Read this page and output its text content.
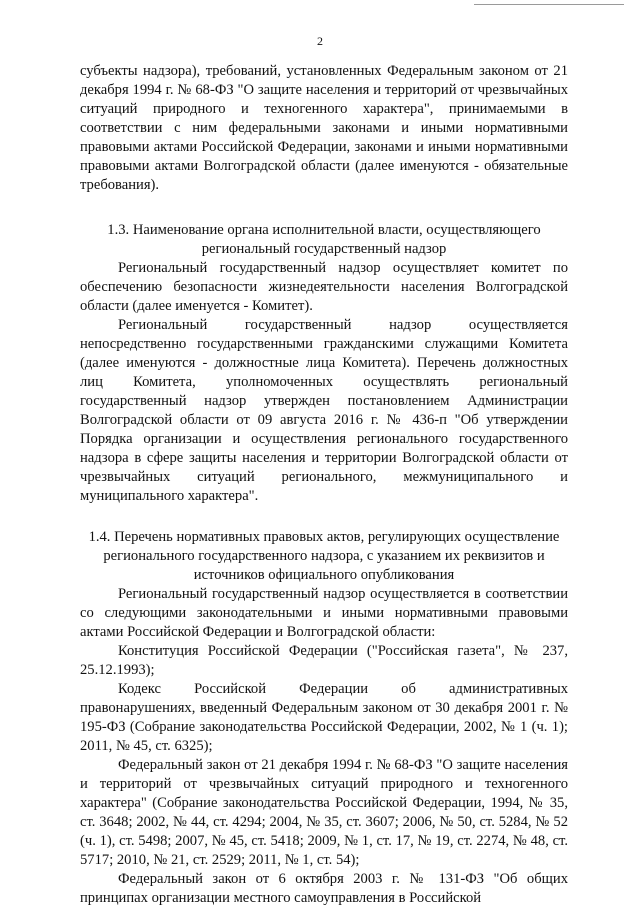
2

субъекты надзора), требований, установленных Федеральным законом от 21 декабря 1994 г. № 68-ФЗ "О защите населения и территорий от чрезвычайных ситуаций природного и техногенного характера", принимаемыми в соответствии с ним федеральными законами и иными нормативными правовыми актами Российской Федерации, законами и иными нормативными правовыми актами Волгоградской области (далее именуются - обязательные требования).

1.3. Наименование органа исполнительной власти, осуществляющего региональный государственный надзор

Региональный государственный надзор осуществляет комитет по обеспечению безопасности жизнедеятельности населения Волгоградской области (далее именуется - Комитет).

Региональный государственный надзор осуществляется непосредственно государственными гражданскими служащими Комитета (далее именуются - должностные лица Комитета). Перечень должностных лиц Комитета, уполномоченных осуществлять региональный государственный надзор утвержден постановлением Администрации Волгоградской области от 09 августа 2016 г. № 436-п "Об утверждении Порядка организации и осуществления регионального государственного надзора в сфере защиты населения и территории Волгоградской области от чрезвычайных ситуаций регионального, межмуниципального и муниципального характера".

1.4. Перечень нормативных правовых актов, регулирующих осуществление регионального государственного надзора, с указанием их реквизитов и источников официального опубликования

Региональный государственный надзор осуществляется в соответствии со следующими законодательными и иными нормативными правовыми актами Российской Федерации и Волгоградской области:

Конституция Российской Федерации ("Российская газета", № 237, 25.12.1993);

Кодекс Российской Федерации об административных правонарушениях, введенный Федеральным законом от 30 декабря 2001 г. № 195-ФЗ (Собрание законодательства Российской Федерации, 2002, № 1 (ч. 1); 2011, № 45, ст. 6325);

Федеральный закон от 21 декабря 1994 г. № 68-ФЗ "О защите населения и территорий от чрезвычайных ситуаций природного и техногенного характера" (Собрание законодательства Российской Федерации, 1994, № 35, ст. 3648; 2002, № 44, ст. 4294; 2004, № 35, ст. 3607; 2006, № 50, ст. 5284, № 52 (ч. 1), ст. 5498; 2007, № 45, ст. 5418; 2009, № 1, ст. 17, № 19, ст. 2274, № 48, ст. 5717; 2010, № 21, ст. 2529; 2011, № 1, ст. 54);

Федеральный закон от 6 октября 2003 г. № 131-ФЗ "Об общих принципах организации местного самоуправления в Российской
